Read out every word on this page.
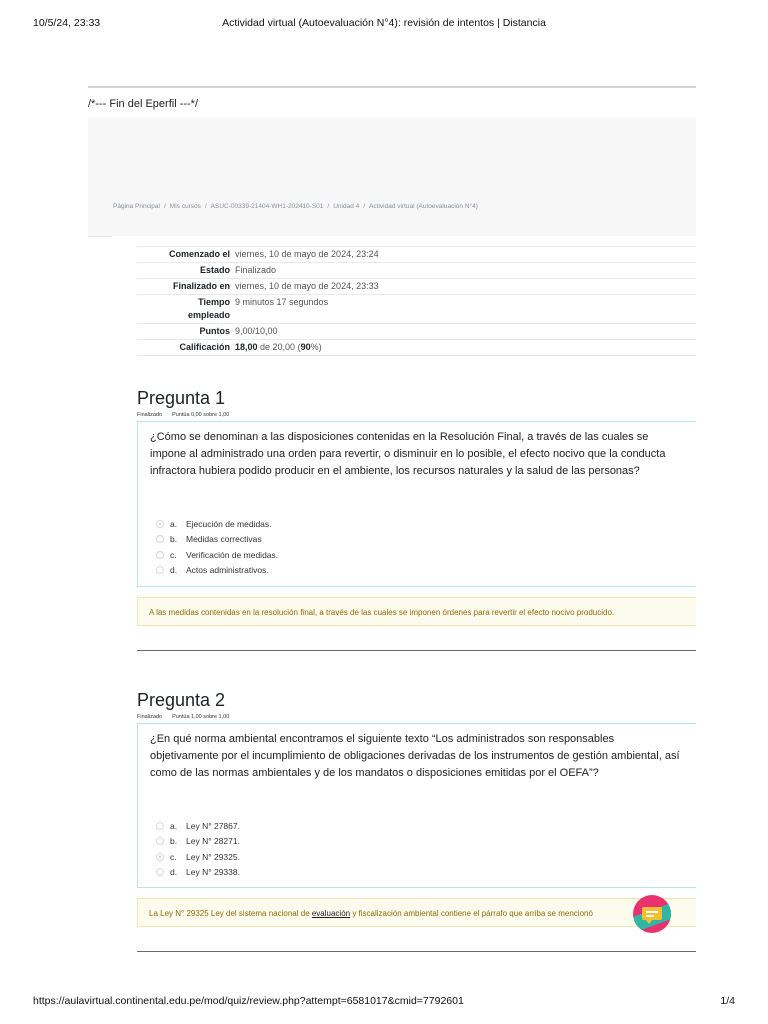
10/5/24, 23:33	Actividad virtual (Autoevaluación N°4): revisión de intentos | Distancia
/*--- Fin del Eperfil ---*/
Página Principal / Mis cursos / ASUC-00339-21404-WH1-202410-S01 / Unidad 4 / Actividad virtual (Autoevaluación N°4)
Comenzado el viernes, 10 de mayo de 2024, 23:24
Estado Finalizado
Finalizado en viernes, 10 de mayo de 2024, 23:33
Tiempo empleado
9 minutos 17 segundos
Puntos 9,00/10,00
Calificación 18,00 de 20,00 (90%)
Pregunta 1
Finalizado Puntúa 0,00 sobre 1,00
¿Cómo se denominan a las disposiciones contenidas en la Resolución Final, a través de las cuales se impone al administrado una orden para revertir, o disminuir en lo posible, el efecto nocivo que la conducta infractora hubiera podido producir en el ambiente, los recursos naturales y la salud de las personas?
a.	Ejecución de medidas.
b.	Medidas correctivas
c.	Verificación de medidas.
d.	Actos administrativos.
A las medidas contenidas en la resolución final, a través de las cuales se imponen órdenes para revertir el efecto nocivo producido.
Pregunta 2
Finalizado Puntúa 1,00 sobre 1,00
¿En qué norma ambiental encontramos el siguiente texto “Los administrados son responsables objetivamente por el incumplimiento de obligaciones derivadas de los instrumentos de gestión ambiental, así como de las normas ambientales y de los mandatos o disposiciones emitidas por el OEFA”?
a.	Ley N° 27867.
b.	Ley N° 28271.
c.	Ley N° 29325.
d.	Ley N° 29338.
La Ley N° 29325 Ley del sistema nacional de evaluación y fiscalización ambiental contiene el párrafo que arriba se mencionó
https://aulavirtual.continental.edu.pe/mod/quiz/review.php?attempt=6581017&cmid=7792601	1/4
